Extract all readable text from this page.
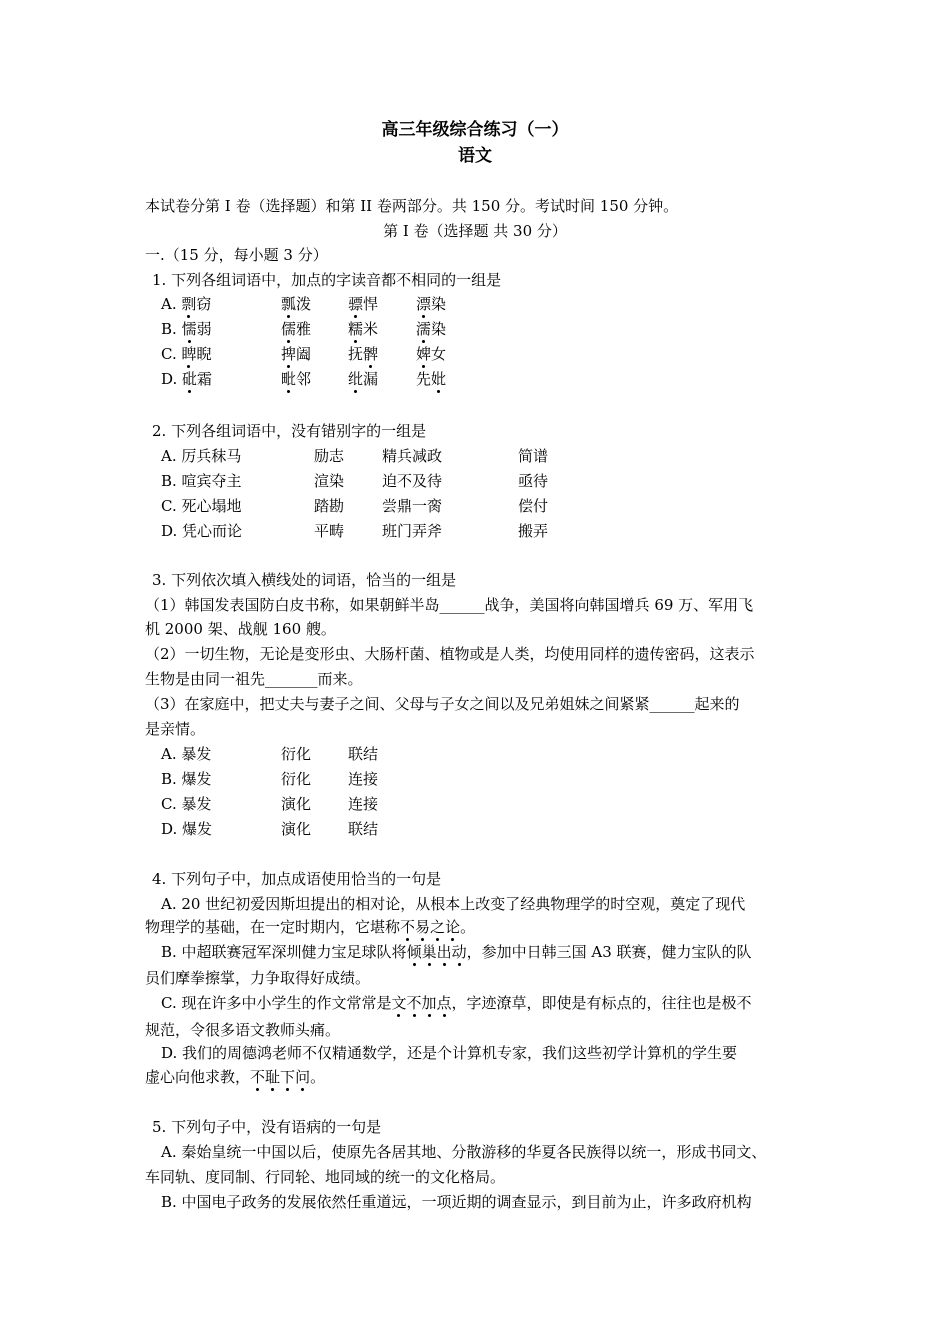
高三年级综合练习（一）
语文
本试卷分第 I 卷（选择题）和第 II 卷两部分。共 150 分。考试时间 150 分钟。
第 I 卷（选择题 共 30 分）
一.（15 分，每小题 3 分）
1. 下列各组词语中，加点的字读音都不相同的一组是
A. 剽窃	瓢泼 骠悍	漂染
B. 懦弱	儒雅 糯米	濡染
C. 睥睨	捭阖 抚髀	婢女
D. 砒霜	毗邻 纰漏	先妣
2. 下列各组词语中，没有错别字的一组是
A. 厉兵秣马	励志	精兵减政	简谱
B. 喧宾夺主	渲染	迫不及待	亟待
C. 死心塌地	踏勘	尝鼎一脔	偿付
D. 凭心而论	平畴	班门弄斧	搬弄
3. 下列依次填入横线处的词语，恰当的一组是
（1）韩国发表国防白皮书称，如果朝鲜半岛______战争，美国将向韩国增兵 69 万、军用飞
机 2000 架、战舰 160 艘。
（2）一切生物，无论是变形虫、大肠杆菌、植物或是人类，均使用同样的遗传密码，这表示
生物是由同一祖先_______而来。
（3）在家庭中，把丈夫与妻子之间、父母与子女之间以及兄弟姐妹之间紧紧______起来的
是亲情。
A. 暴发	衍化 联结
B. 爆发	衍化 连接
C. 暴发	演化 连接
D. 爆发	演化 联结
4. 下列句子中，加点成语使用恰当的一句是
A. 20 世纪初爱因斯坦提出的相对论，从根本上改变了经典物理学的时空观，奠定了现代
物理学的基础，在一定时期内，它堪称不易之论。
B. 中超联赛冠军深圳健力宝足球队将倾巢出动，参加中日韩三国 A3 联赛，健力宝队的队
员们摩拳擦掌，力争取得好成绩。
C. 现在许多中小学生的作文常常是文不加点，字迹潦草，即使是有标点的，往往也是极不
规范，令很多语文教师头痛。
D. 我们的周德鸿老师不仅精通数学，还是个计算机专家，我们这些初学计算机的学生要
虚心向他求教，不耻下问。
5. 下列句子中，没有语病的一句是
A. 秦始皇统一中国以后，使原先各居其地、分散游移的华夏各民族得以统一，形成书同文、
车同轨、度同制、行同轮、地同域的统一的文化格局。
B. 中国电子政务的发展依然任重道远，一项近期的调查显示，到目前为止，许多政府机构
